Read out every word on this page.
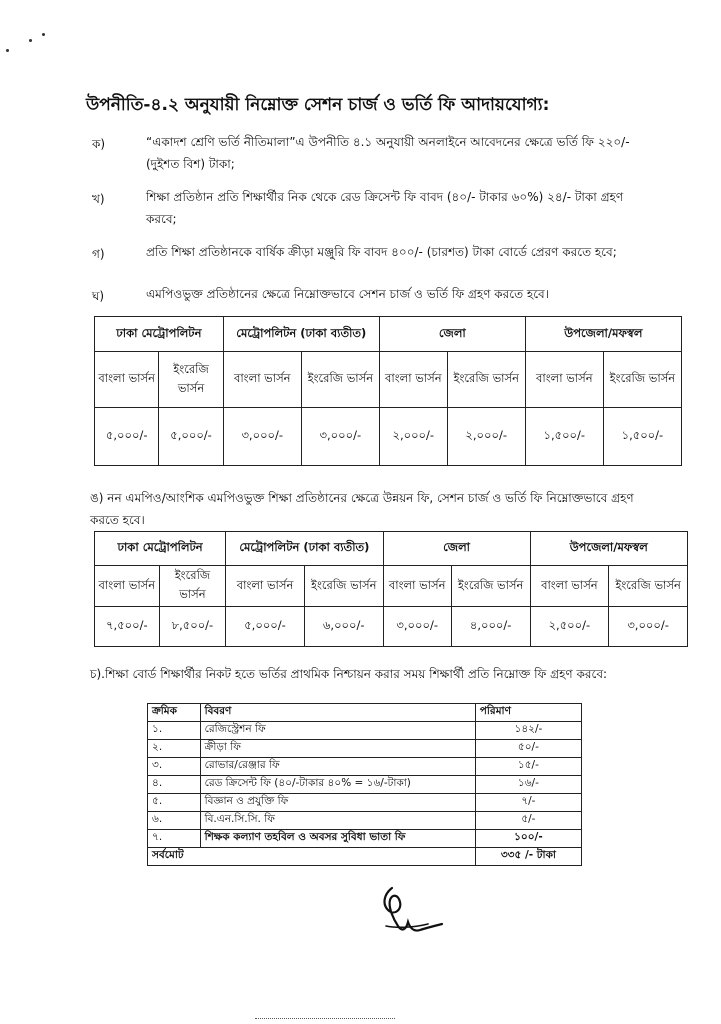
উপনীতি-৪.২ অনুযায়ী নিম্নোক্ত সেশন চার্জ ও ভর্তি ফি আদায়যোগ্য:
ক)	“একাদশ শ্রেণি ভর্তি নীতিমালা”এ উপনীতি ৪.১ অনুযায়ী অনলাইনে আবেদনের ক্ষেত্রে ভর্তি ফি ২২০/-
(দুইশত বিশ) টাকা;
খ)	শিক্ষা প্রতিষ্ঠান প্রতি শিক্ষার্থীর নিক থেকে রেড ক্রিসেন্ট ফি বাবদ (৪০/- টাকার ৬০%) ২৪/- টাকা গ্রহণ
করবে;
গ)	প্রতি শিক্ষা প্রতিষ্ঠানকে বার্ষিক ক্রীড়া মঞ্জুরি ফি বাবদ ৪০০/- (চারশত) টাকা বোর্ডে প্রেরণ করতে হবে;
ঘ)	এমপিওভুক্ত প্রতিষ্ঠানের ক্ষেত্রে নিম্নোক্তভাবে সেশন চার্জ ও ভর্তি ফি গ্রহণ করতে হবে।
ঢাকা মেট্রোপলিটন		মেট্রোপলিটন (ঢাকা ব্যতীত)		জেলা		উপজেলা/মফস্বল	
বাংলা ভার্সন	ইংরেজি ভার্সন	বাংলা ভার্সন	ইংরেজি ভার্সন	বাংলা ভার্সন	ইংরেজি ভার্সন	বাংলা ভার্সন	ইংরেজি ভার্সন
৫,০০০/-	৫,০০০/-	৩,০০০/-	৩,০০০/-	২,০০০/-	২,০০০/-	১,৫০০/-	১,৫০০/-
ঙ) নন এমপিও/আংশিক এমপিওভুক্ত শিক্ষা প্রতিষ্ঠানের ক্ষেত্রে উন্নয়ন ফি, সেশন চার্জ ও ভর্তি ফি নিম্নোক্তভাবে গ্রহণ
করতে হবে।
ঢাকা মেট্রোপলিটন		মেট্রোপলিটন (ঢাকা ব্যতীত)		জেলা		উপজেলা/মফস্বল	
বাংলা ভার্সন	ইংরেজি ভার্সন	বাংলা ভার্সন	ইংরেজি ভার্সন	বাংলা ভার্সন	ইংরেজি ভার্সন	বাংলা ভার্সন	ইংরেজি ভার্সন
৭,৫০০/-	৮,৫০০/-	৫,০০০/-	৬,০০০/-	৩,০০০/-	৪,০০০/-	২,৫০০/-	৩,০০০/-
চ).শিক্ষা বোর্ড শিক্ষার্থীর নিকট হতে ভর্তির প্রাথমিক নিশ্চায়ন করার সময় শিক্ষার্থী প্রতি নিম্নোক্ত ফি গ্রহণ করবে:
ক্রমিক	বিবরণ	পরিমাণ
১.	রেজিস্ট্রেশন ফি	১৪২/-
২.	ক্রীড়া ফি	৫০/-
৩.	রোভার/রেঞ্জার ফি	১৫/-
৪.	রেড ক্রিসেন্ট ফি (৪০/-টাকার ৪০% = ১৬/-টাকা)	১৬/-
৫.	বিজ্ঞান ও প্রযুক্তি ফি	৭/-
৬.	বি.এন.সি.সি. ফি	৫/-
৭.	শিক্ষক কল্যাণ তহবিল ও অবসর সুবিধা ভাতা ফি	১০০/-
সর্বমোট		৩৩৫ /- টাকা
